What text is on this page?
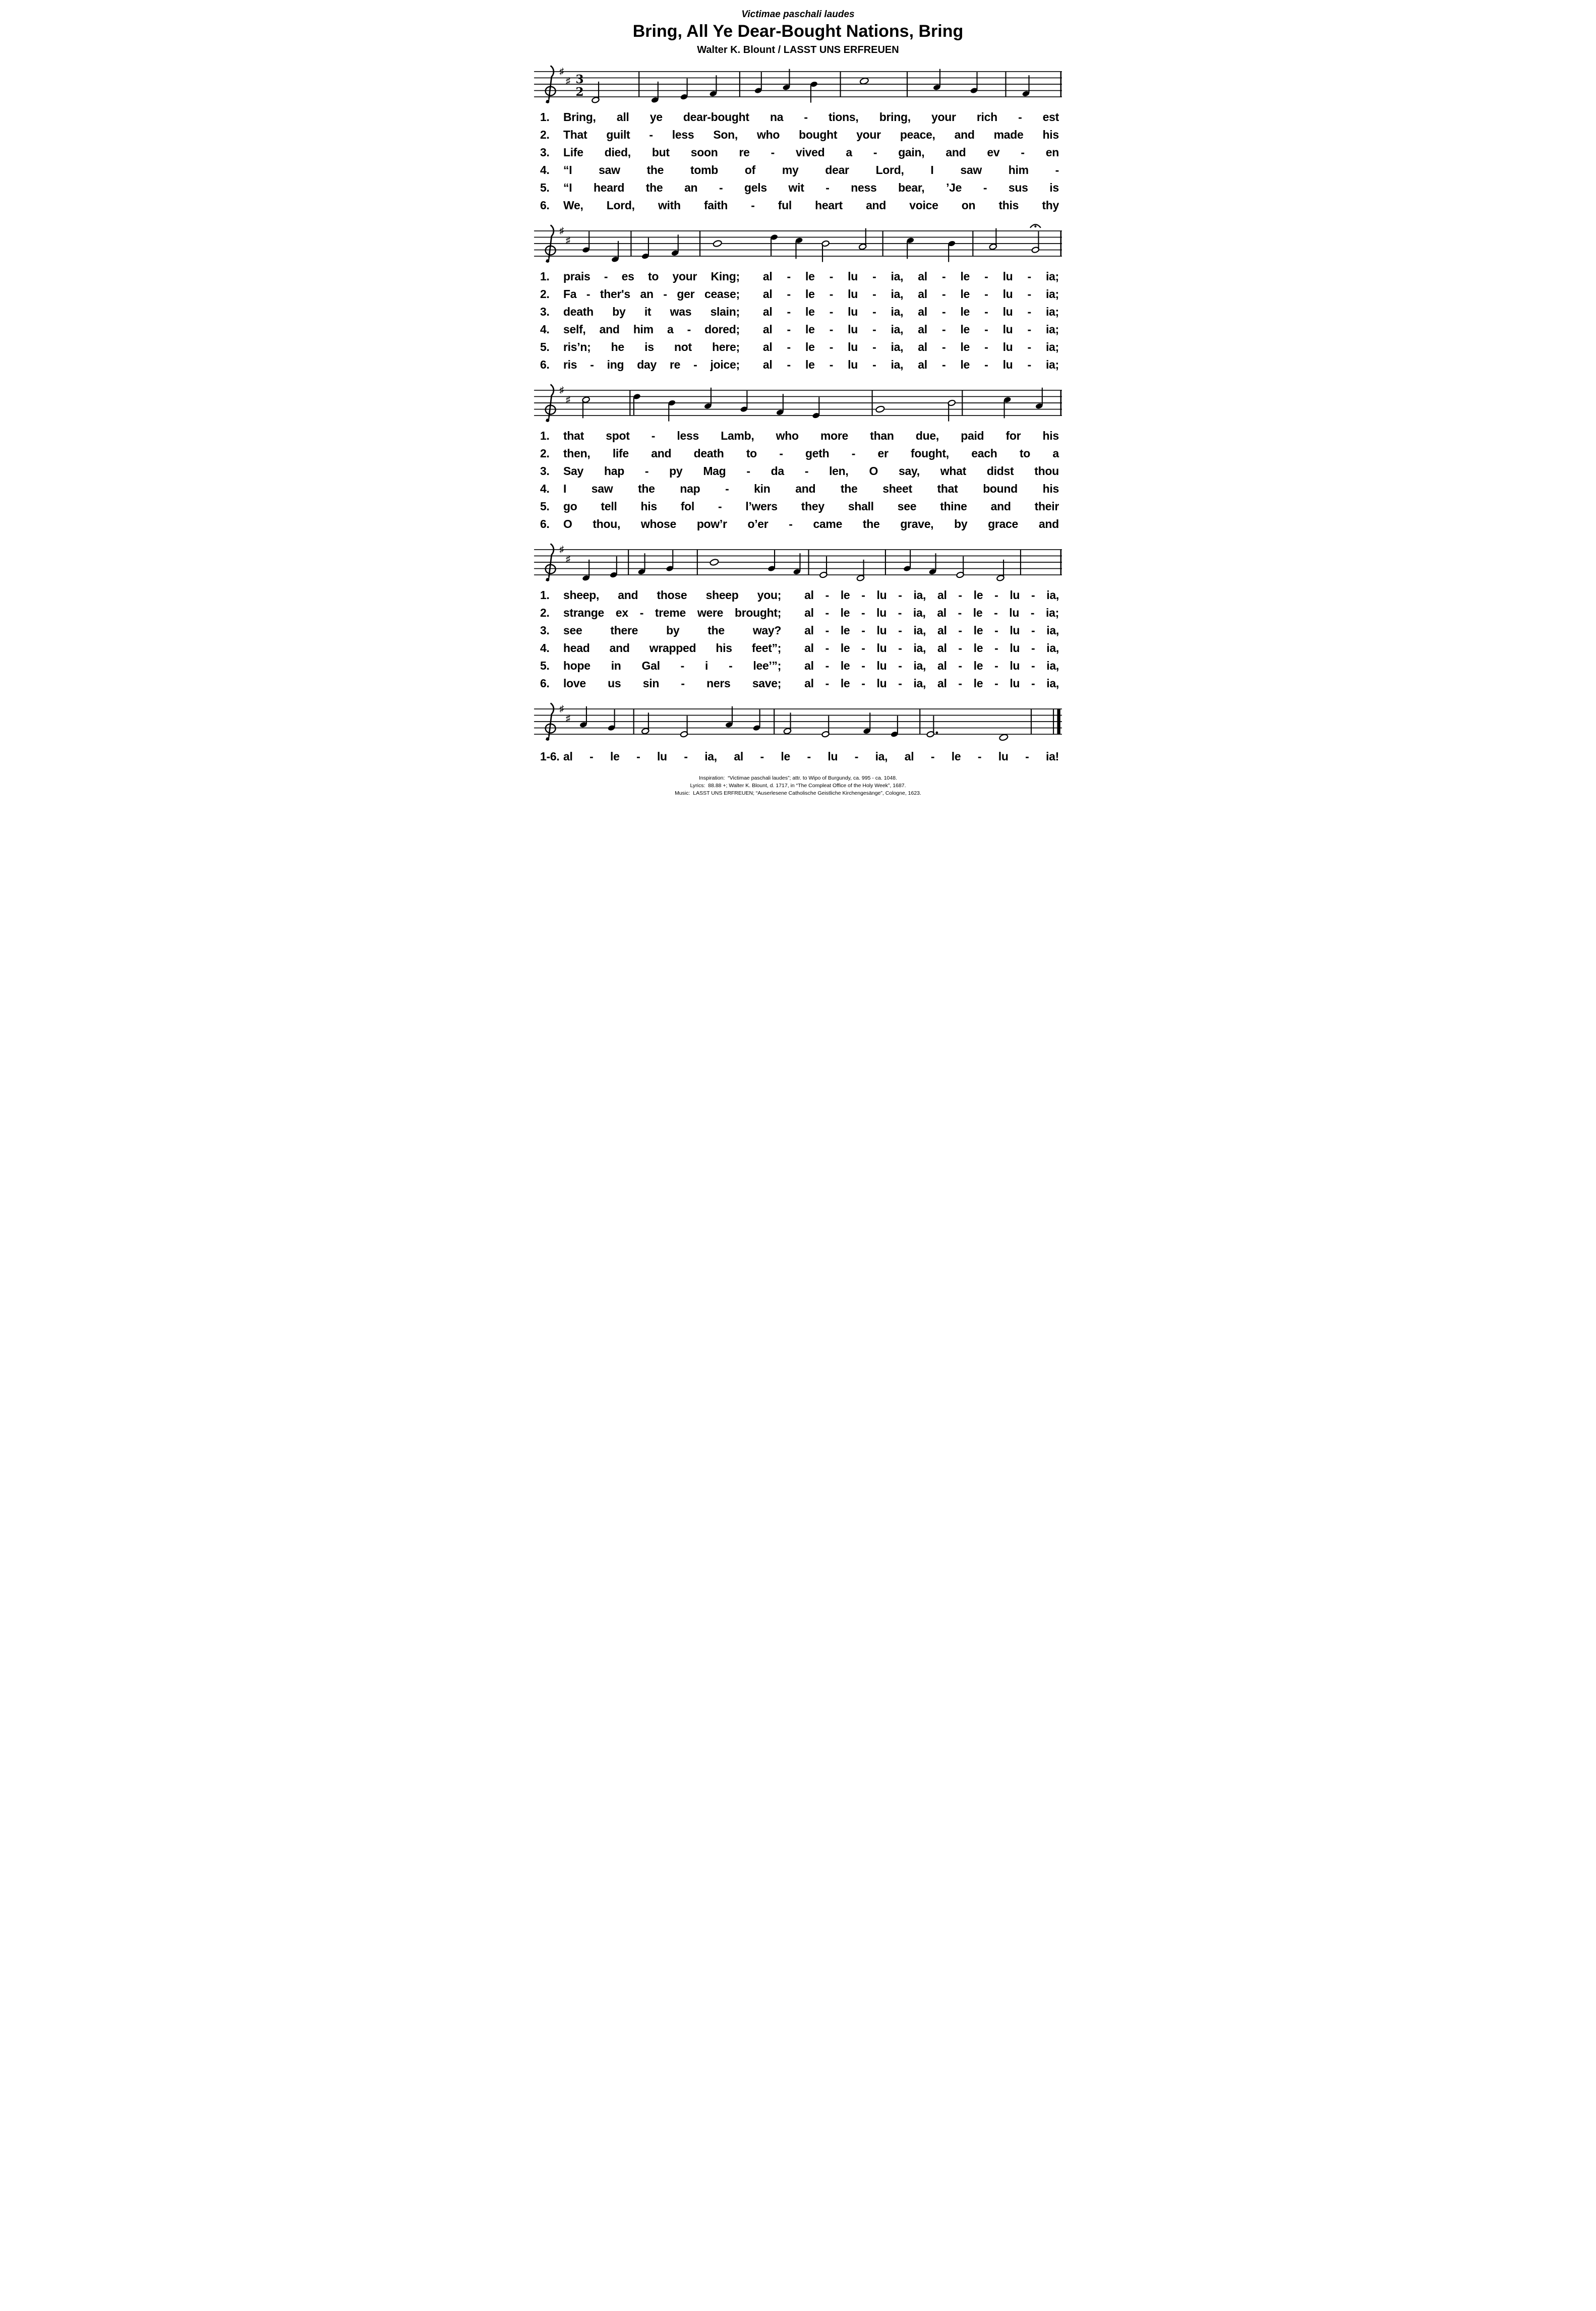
Victimae paschali laudes
Bring, All Ye Dear-Bought Nations, Bring
Walter K. Blount / LASST UNS ERFREUEN
♯
♯ 3
2
1.	Bring, all ye dear-bought na - tions, bring, your rich - est
2.	That guilt - less Son, who bought your peace, and made his
3.	Life died, but soon re - vived a - gain, and ev - en
4.	“I saw the tomb of my dear Lord, I saw him -
5.	“I heard the an - gels wit - ness bear, ’Je - sus is
6.	We, Lord, with faith - ful heart and voice on this thy
♯
♯
1.	prais - es to your King; al - le - lu - ia, al - le - lu - ia;
2.	Fa - ther's an - ger cease; al - le - lu - ia, al - le - lu - ia;
3.	death by it was slain; al - le - lu - ia, al - le - lu - ia;
4.	self, and him a - dored; al - le - lu - ia, al - le - lu - ia;
5.	ris’n; he is not here; al - le - lu - ia, al - le - lu - ia;
6.	ris - ing day re - joice; al - le - lu - ia, al - le - lu - ia;
♯
♯
1.	that spot - less Lamb, who more than due, paid for his
2.	then, life and death to - geth - er fought, each to a
3.	Say hap - py Mag - da - len, O say, what didst thou
4.	I saw the nap - kin and the sheet that bound his
5.	go tell his fol - l’wers they shall see thine and their
6.	O thou, whose pow’r o’er - came the grave, by grace and
♯
♯
1.	sheep, and those sheep you; al - le - lu - ia, al - le - lu - ia,
2.	strange ex - treme were brought; al - le - lu - ia, al - le - lu - ia;
3.	see there by the way? al - le - lu - ia, al - le - lu - ia,
4.	head and wrapped his feet”; al - le - lu - ia, al - le - lu - ia,
5.	hope in Gal - i - lee’”; al - le - lu - ia, al - le - lu - ia,
6.	love us sin - ners save; al - le - lu - ia, al - le - lu - ia,
♯
♯
1-6. al - le - lu - ia, al - le - lu - ia, al - le - lu - ia!
Inspiration:  “Victimae paschali laudes”; attr. to Wipo of Burgundy, ca. 995 - ca. 1048.
Lyrics:  88.88 +; Walter K. Blount, d. 1717, in “The Compleat Office of the Holy Week”, 1687.
Music:  LASST UNS ERFREUEN; “Auserlesene Catholische Geistliche Kirchengesänge”, Cologne, 1623.
